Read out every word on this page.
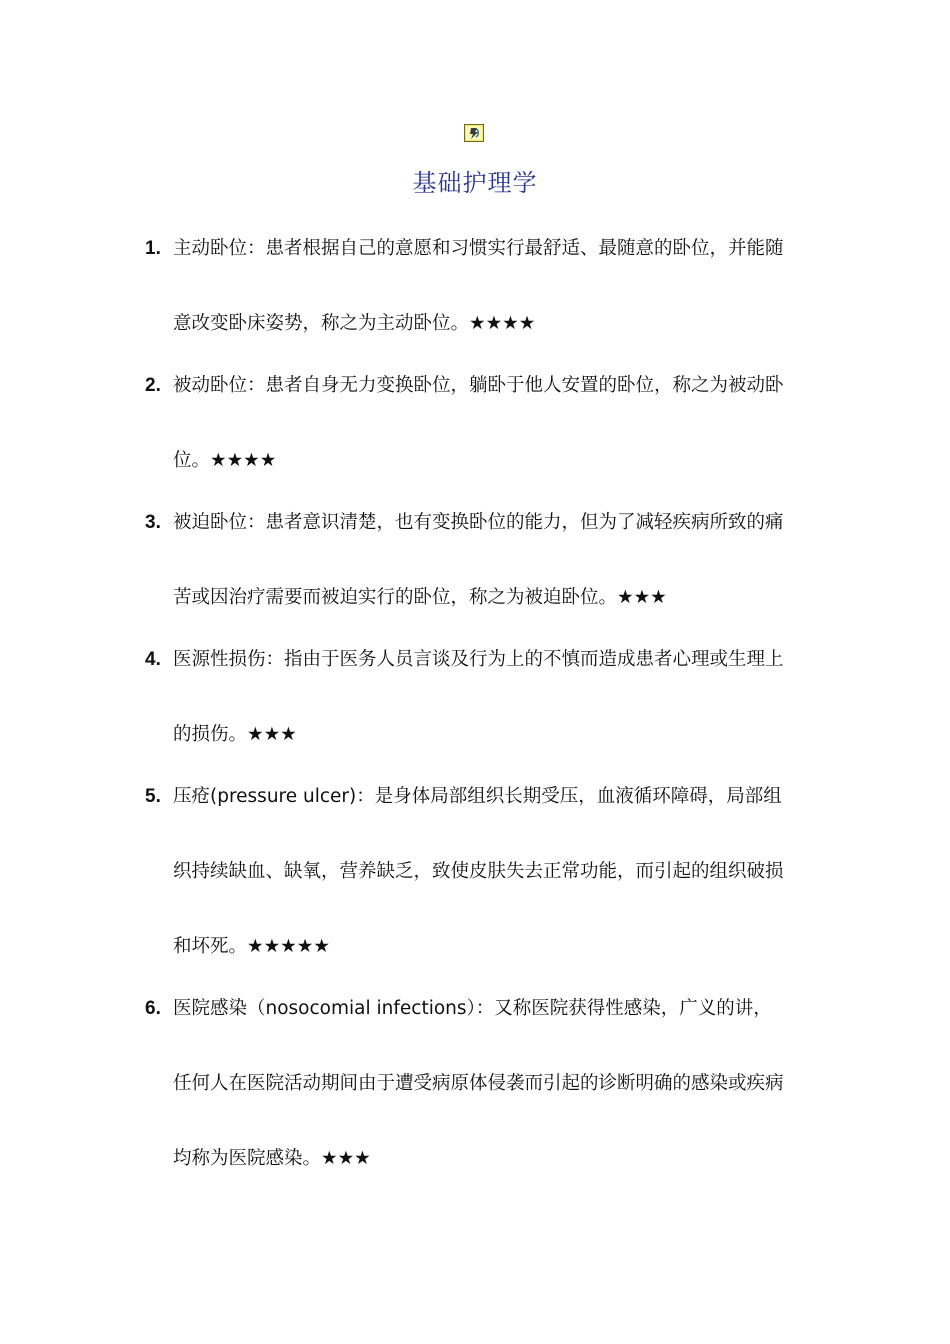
基础护理学
1. 主动卧位：患者根据自己的意愿和习惯实行最舒适、最随意的卧位，并能随
意改变卧床姿势，称之为主动卧位。★★★★
2. 被动卧位：患者自身无力变换卧位，躺卧于他人安置的卧位，称之为被动卧
位。★★★★
3. 被迫卧位：患者意识清楚，也有变换卧位的能力，但为了减轻疾病所致的痛
苦或因治疗需要而被迫实行的卧位，称之为被迫卧位。★★★
4. 医源性损伤：指由于医务人员言谈及行为上的不慎而造成患者心理或生理上
的损伤。★★★
5. 压疮(pressure ulcer)：是身体局部组织长期受压，血液循环障碍，局部组
织持续缺血、缺氧，营养缺乏，致使皮肤失去正常功能，而引起的组织破损
和坏死。★★★★★
6. 医院感染（nosocomial infections）：又称医院获得性感染，广义的讲，
任何人在医院活动期间由于遭受病原体侵袭而引起的诊断明确的感染或疾病
均称为医院感染。★★★
